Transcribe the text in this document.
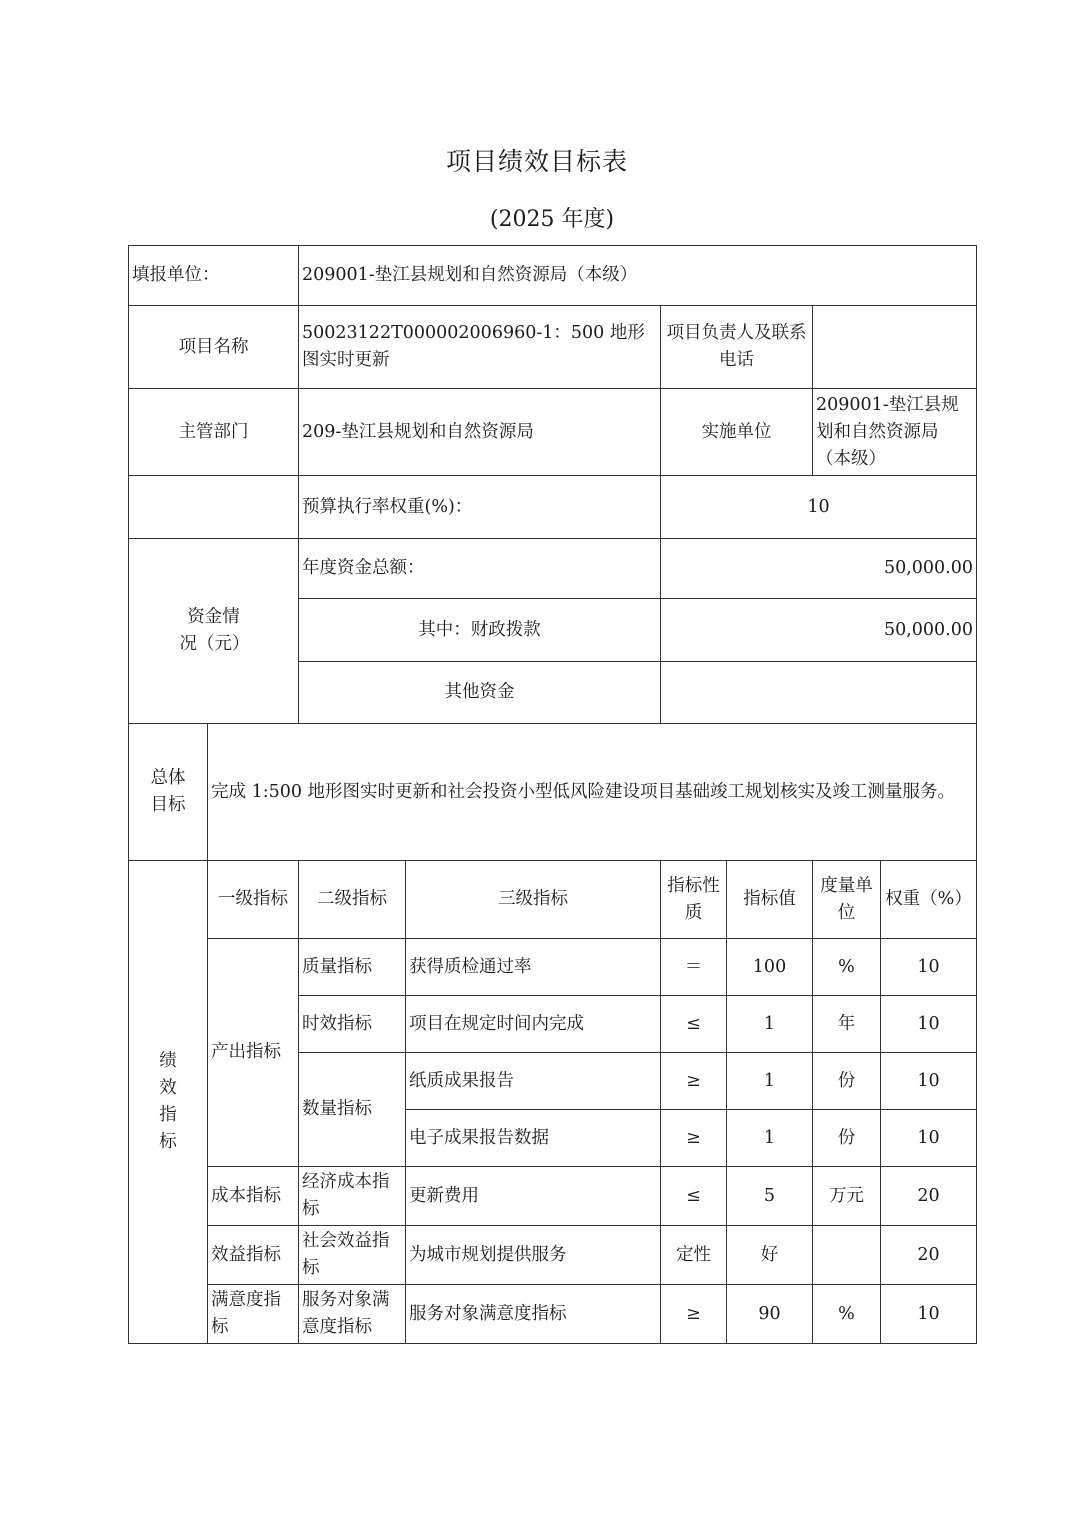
项目绩效目标表
(2025 年度)
填报单位：		209001-垫江县规划和自然资源局（本级）					
项目名称		50023122T000002006960-1：500 地形图实时更新		项目负责人及联系电话			
主管部门		209-垫江县规划和自然资源局		实施单位		209001-垫江县规划和自然资源局（本级）	
		预算执行率权重(%)：		10			
资金情况（元）		年度资金总额：		50,000.00			
		其中：财政拨款		50,000.00			
		其他资金					
总体目标	完成 1:500 地形图实时更新和社会投资小型低风险建设项目基础竣工规划核实及竣工测量服务。						
绩效指标	一级指标	二级指标	三级指标	指标性质	指标值	度量单位	权重（%）
	产出指标	质量指标	获得质检通过率	＝	100	%	10
		时效指标	项目在规定时间内完成	≤	1	年	10
		数量指标	纸质成果报告	≥	1	份	10
			电子成果报告数据	≥	1	份	10
	成本指标	经济成本指标	更新费用	≤	5	万元	20
	效益指标	社会效益指标	为城市规划提供服务	定性	好		20
	满意度指标	服务对象满意度指标	服务对象满意度指标	≥	90	%	10
